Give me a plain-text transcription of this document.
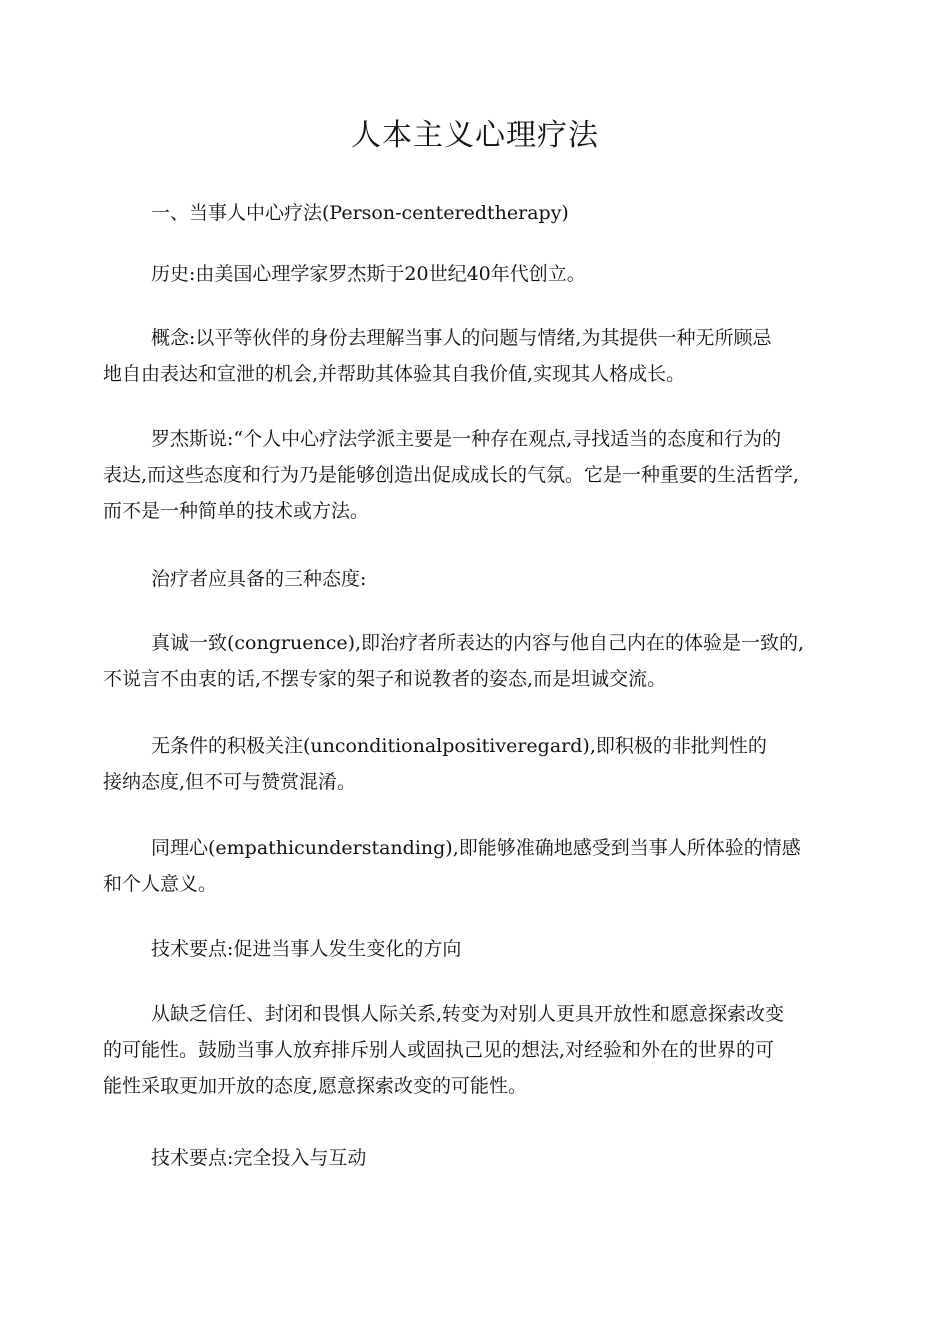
人本主义心理疗法
一、当事人中心疗法(Person-centeredtherapy)
历史:由美国心理学家罗杰斯于20世纪40年代创立。
概念:以平等伙伴的身份去理解当事人的问题与情绪,为其提供一种无所顾忌
地自由表达和宣泄的机会,并帮助其体验其自我价值,实现其人格成长。
罗杰斯说:“个人中心疗法学派主要是一种存在观点,寻找适当的态度和行为的
表达,而这些态度和行为乃是能够创造出促成成长的气氛。它是一种重要的生活哲学,
而不是一种简单的技术或方法。
治疗者应具备的三种态度:
真诚一致(congruence),即治疗者所表达的内容与他自己内在的体验是一致的,
不说言不由衷的话,不摆专家的架子和说教者的姿态,而是坦诚交流。
无条件的积极关注(unconditionalpositiveregard),即积极的非批判性的
接纳态度,但不可与赞赏混淆。
同理心(empathicunderstanding),即能够准确地感受到当事人所体验的情感
和个人意义。
技术要点:促进当事人发生变化的方向
从缺乏信任、封闭和畏惧人际关系,转变为对别人更具开放性和愿意探索改变
的可能性。鼓励当事人放弃排斥别人或固执己见的想法,对经验和外在的世界的可
能性采取更加开放的态度,愿意探索改变的可能性。
技术要点:完全投入与互动
